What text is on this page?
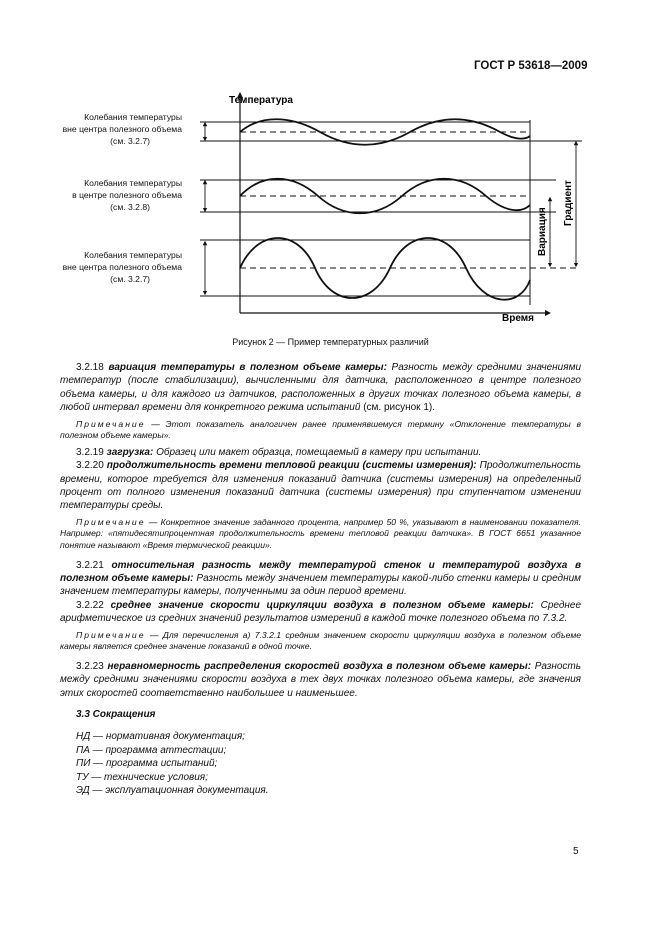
ГОСТ Р 53618—2009
Температура
Время
Вариация
Градиент
Колебания температуры
вне центра полезного объема
(см. 3.2.7)
Колебания температуры
в центре полезного объема
(см. 3.2.8)
Колебания температуры
вне центра полезного объема
(см. 3.2.7)
Рисунок 2 — Пример температурных различий

3.2.18 вариация температуры в полезном объеме камеры: Разность между средними значениями температур (после стабилизации), вычисленными для датчика, расположенного в центре полезного объема камеры, и для каждого из датчиков, расположенных в других точках полезного объема камеры, в любой интервал времени для конкретного режима испытаний (см. рисунок 1).

Примечание — Этот показатель аналогичен ранее применявшемуся термину «Отклонение температуры в полезном объеме камеры».

3.2.19 загрузка: Образец или макет образца, помещаемый в камеру при испытании.

3.2.20 продолжительность времени тепловой реакции (системы измерения): Продолжительность времени, которое требуется для изменения показаний датчика (системы измерения) на определенный процент от полного изменения показаний датчика (системы измерения) при ступенчатом изменении температуры среды.

Примечание — Конкретное значение заданного процента, например 50 %, указывают в наименовании показателя. Например: «пятидесятипроцентная продолжительность времени тепловой реакции датчика». В ГОСТ 6651 указанное понятие называют «Время термической реакции».

3.2.21 относительная разность между температурой стенок и температурой воздуха в полезном объеме камеры: Разность между значением температуры какой-либо стенки камеры и средним значением температуры камеры, полученными за один период времени.

3.2.22 среднее значение скорости циркуляции воздуха в полезном объеме камеры: Среднее арифметическое из средних значений результатов измерений в каждой точке полезного объема по 7.3.2.

Примечание — Для перечисления а) 7.3.2.1 средним значением скорости циркуляции воздуха в полезном объеме камеры является среднее значение показаний в одной точке.

3.2.23 неравномерность распределения скоростей воздуха в полезном объеме камеры: Разность между средними значениями скорости воздуха в тех двух точках полезного объема камеры, где значения этих скоростей соответственно наибольшее и наименьшее.

3.3 Сокращения

НД — нормативная документация;

ПА — программа аттестации;

ПИ — программа испытаний;

ТУ — технические условия;

ЭД — эксплуатационная документация.

5
